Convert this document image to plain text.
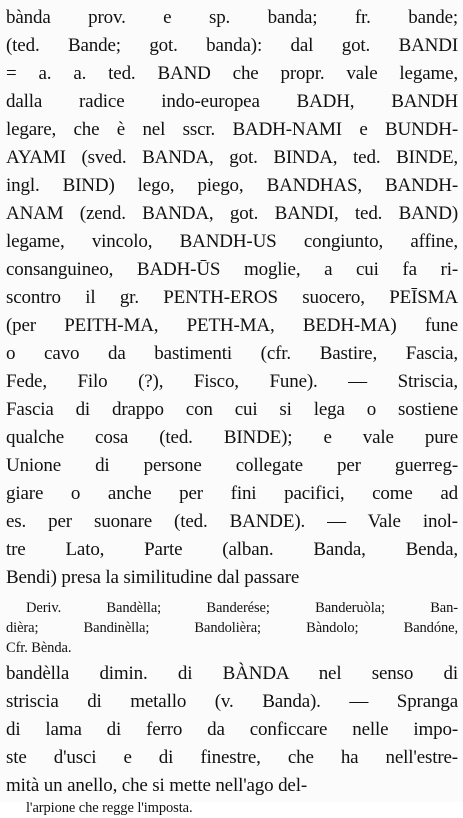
bànda prov. e sp. banda; fr. bande;
(ted. Bande; got. banda): dal got. BANDI
= a. a. ted. BAND che propr. vale legame,
dalla radice indo-europea BADH, BANDH
legare, che è nel sscr. BADH-NAMI e BUNDH-
AYAMI (sved. BANDA, got. BINDA, ted. BINDE,
ingl. BIND) lego, piego, BANDHAS, BANDH-
ANAM (zend. BANDA, got. BANDI, ted. BAND)
legame, vincolo, BANDH-US congiunto, affine,
consanguineo, BADH-ŪS moglie, a cui fa ri-
scontro il gr. PENTH-EROS suocero, PEĪSMA
(per PEITH-MA, PETH-MA, BEDH-MA) fune
o cavo da bastimenti (cfr. Bastire, Fascia,
Fede, Filo (?), Fisco, Fune). — Striscia,
Fascia di drappo con cui si lega o sostiene
qualche cosa (ted. BINDE); e vale pure
Unione di persone collegate per guerreg-
giare o anche per fini pacifici, come ad
es. per suonare (ted. BANDE). — Vale inol-
tre Lato, Parte (alban. Banda, Benda,
Bendi) presa la similitudine dal passare
Deriv. Bandèlla; Banderése; Banderuòla; Ban-
dièra; Bandinèlla; Bandolièra; Bàndolo; Bandóne,
Cfr. Bènda.
bandèlla dimin. di BÀNDA nel senso di
striscia di metallo (v. Banda). — Spranga
di lama di ferro da conficcare nelle impo-
ste d'usci e di finestre, che ha nell'estre-
mità un anello, che si mette nell'ago del-
l'arpione che regge l'imposta.
